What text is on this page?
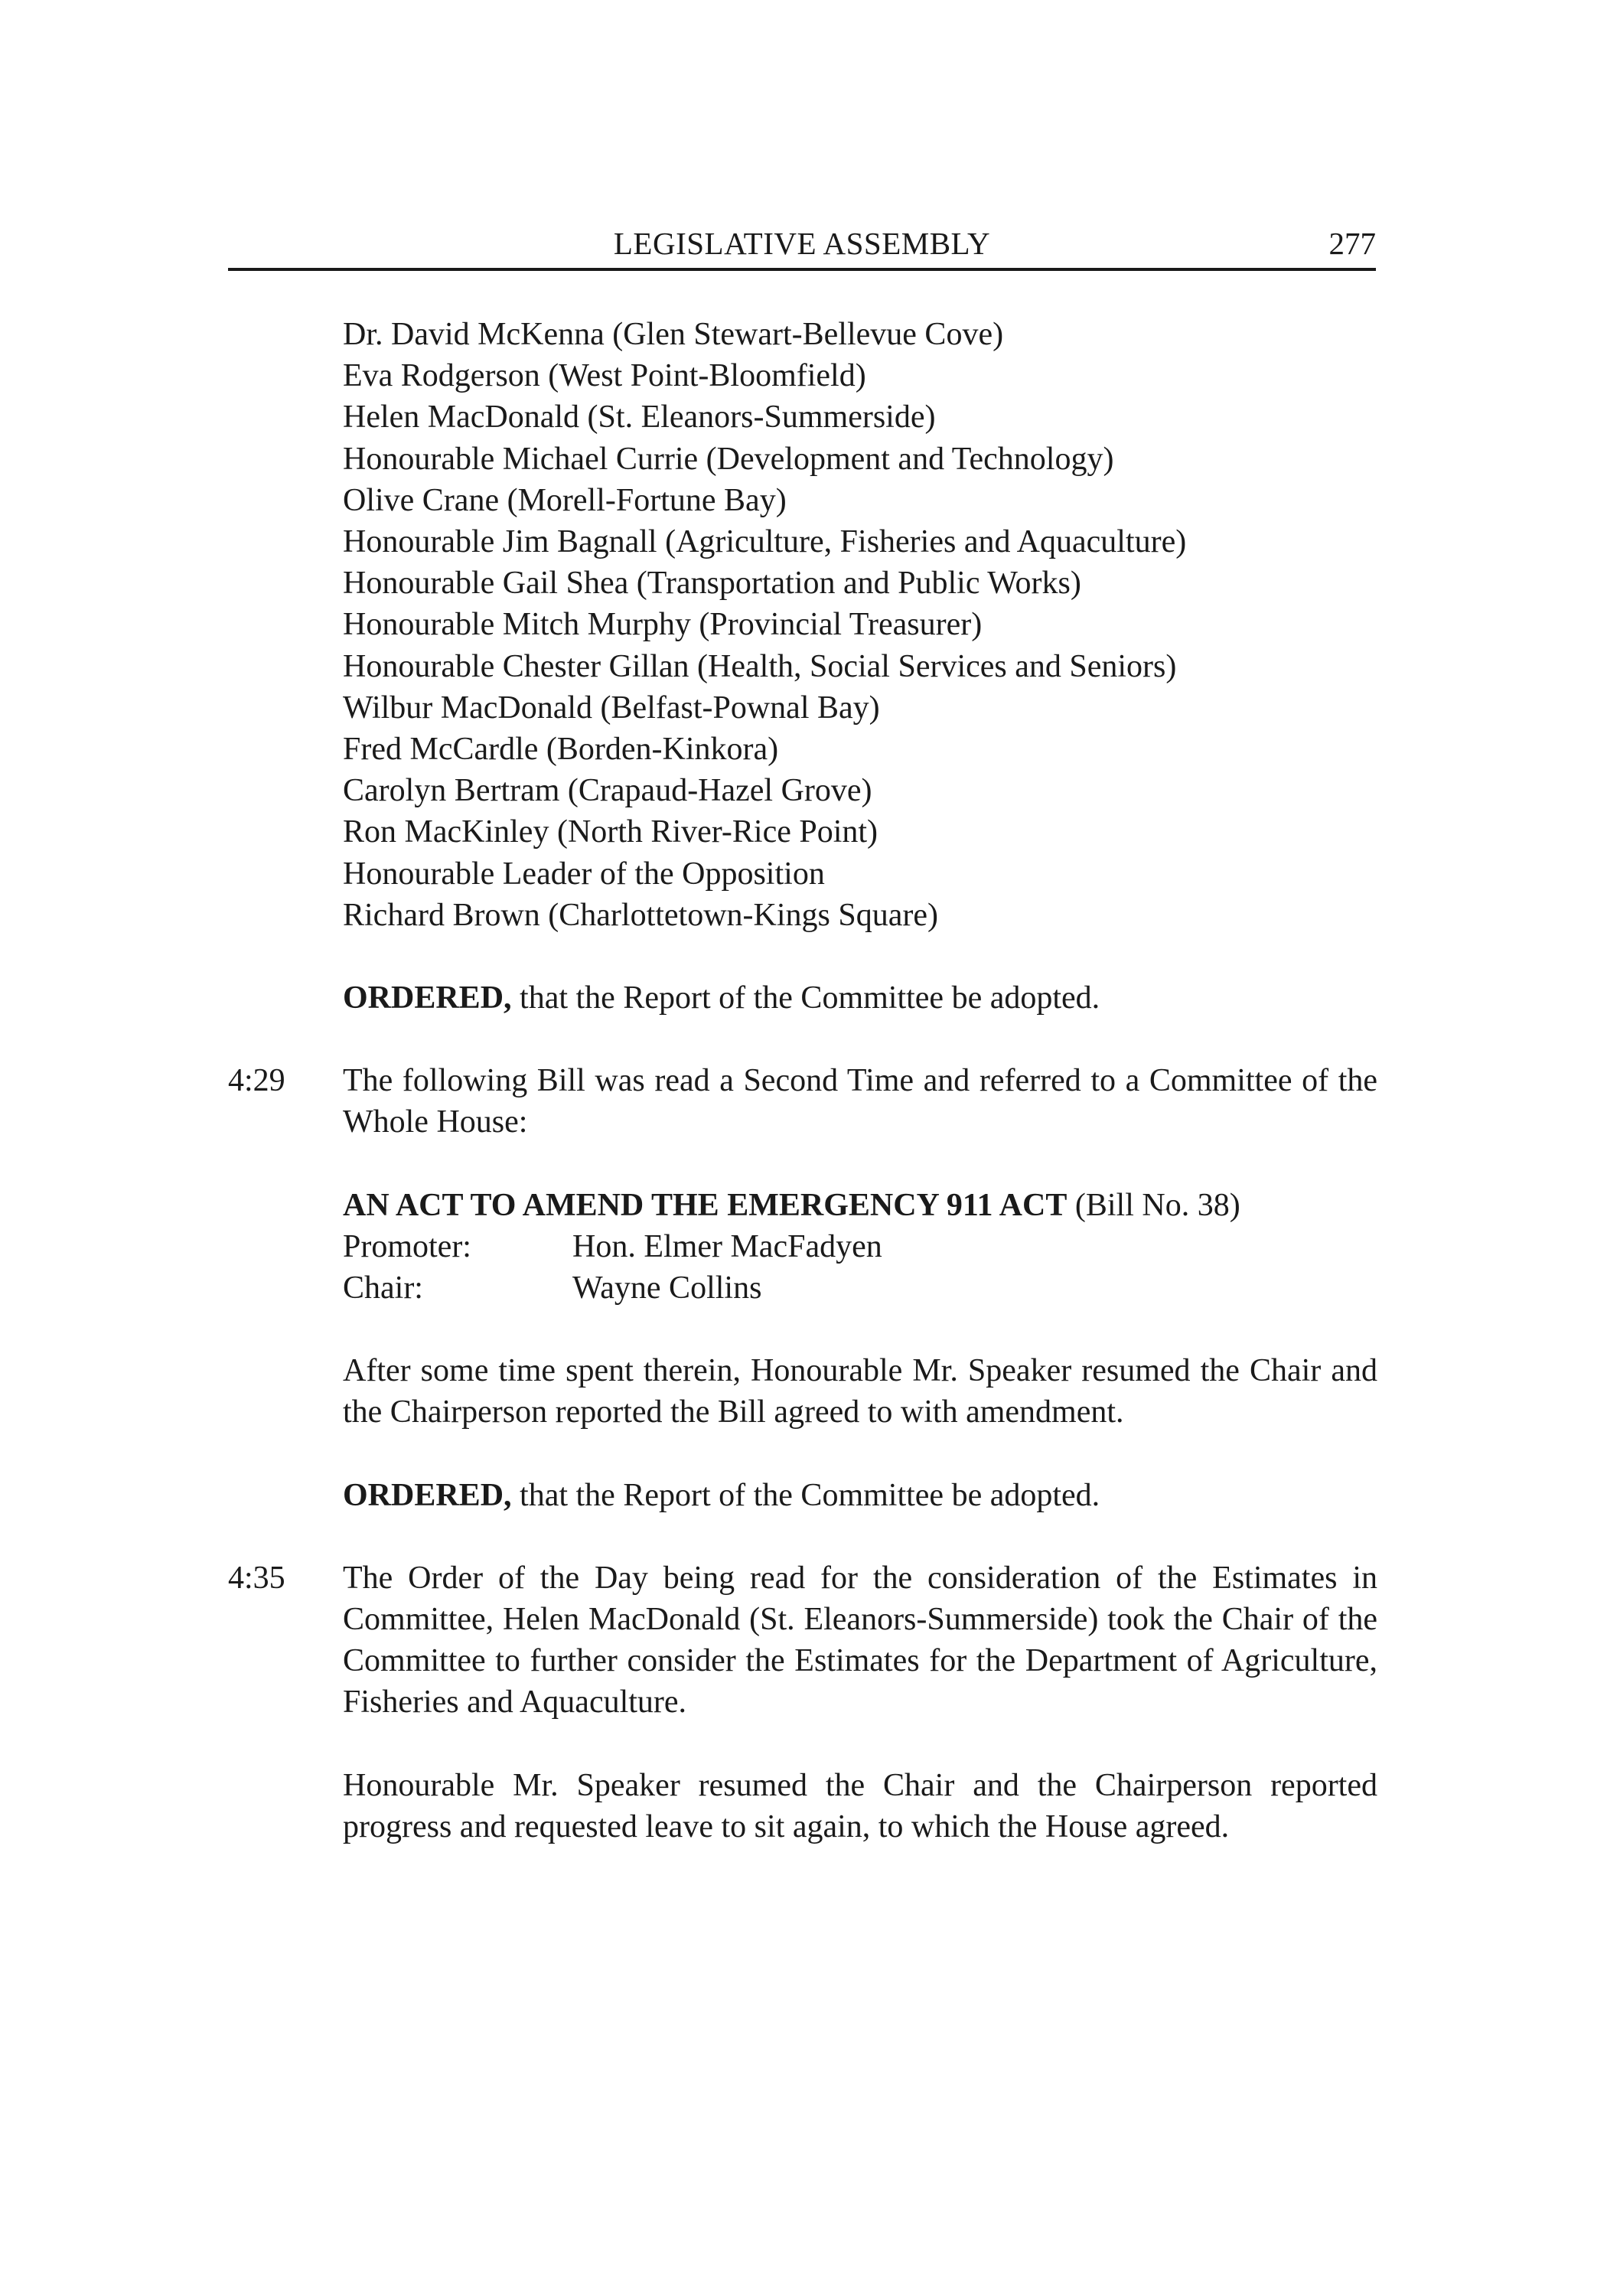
LEGISLATIVE ASSEMBLY	277
Dr. David McKenna (Glen Stewart-Bellevue Cove)
Eva Rodgerson (West Point-Bloomfield)
Helen MacDonald (St. Eleanors-Summerside)
Honourable Michael Currie (Development and Technology)
Olive Crane (Morell-Fortune Bay)
Honourable Jim Bagnall (Agriculture, Fisheries and Aquaculture)
Honourable Gail Shea (Transportation and Public Works)
Honourable Mitch Murphy (Provincial Treasurer)
Honourable Chester Gillan (Health, Social Services and Seniors)
Wilbur MacDonald (Belfast-Pownal Bay)
Fred McCardle (Borden-Kinkora)
Carolyn Bertram (Crapaud-Hazel Grove)
Ron MacKinley (North River-Rice Point)
Honourable Leader of the Opposition
Richard Brown (Charlottetown-Kings Square)

ORDERED, that the Report of the Committee be adopted.

4:29 The following Bill was read a Second Time and referred to a Committee of the Whole House:
AN ACT TO AMEND THE EMERGENCY 911 ACT (Bill No. 38)
Promoter:	Hon. Elmer MacFadyen
Chair:	Wayne Collins
After some time spent therein, Honourable Mr. Speaker resumed the Chair and the Chairperson reported the Bill agreed to with amendment.

ORDERED, that the Report of the Committee be adopted.

4:35 The Order of the Day being read for the consideration of the Estimates in Committee, Helen MacDonald (St. Eleanors-Summerside) took the Chair of the Committee to further consider the Estimates for the Department of Agriculture, Fisheries and Aquaculture.
Honourable Mr. Speaker resumed the Chair and the Chairperson reported progress and requested leave to sit again, to which the House agreed.
